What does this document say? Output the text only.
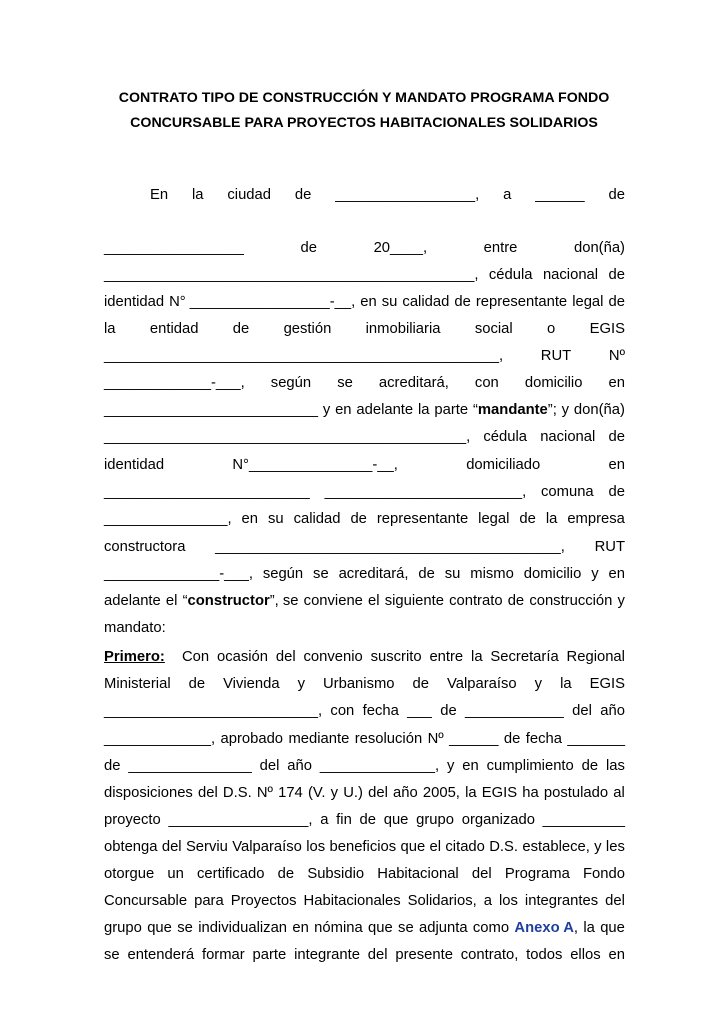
CONTRATO TIPO DE CONSTRUCCIÓN Y MANDATO PROGRAMA FONDO
CONCURSABLE PARA PROYECTOS HABITACIONALES SOLIDARIOS
En la ciudad de _________________, a ______ de
_________________	de	20____,	entre	don(ña)
_____________________________________________, cédula nacional de
identidad N° _________________-__, en su calidad de representante legal de
la entidad de gestión inmobiliaria social o EGIS
________________________________________________,	RUT	Nº
_____________-___, según se acreditará, con domicilio en
__________________________ y en adelante la parte “mandante”; y don(ña)
____________________________________________, cédula nacional de
identidad	N°_______________-__,	domiciliado	en
_________________________ ________________________, comuna de
_______________, en su calidad de representante legal de la empresa
constructora __________________________________________, RUT
______________-___, según se acreditará, de su mismo domicilio y en
adelante el “constructor”, se conviene el siguiente contrato de construcción y
mandato:
Primero: Con ocasión del convenio suscrito entre la Secretaría Regional
Ministerial de Vivienda y Urbanismo de Valparaíso y la EGIS
__________________________, con fecha ___ de ____________ del año
_____________, aprobado mediante resolución Nº ______ de fecha _______
de _______________ del año ______________, y en cumplimiento de las
disposiciones del D.S. Nº 174 (V. y U.) del año 2005, la EGIS ha postulado al
proyecto _________________, a fin de que grupo organizado __________
obtenga del Serviu Valparaíso los beneficios que el citado D.S. establece, y les
otorgue un certificado de Subsidio Habitacional del Programa Fondo
Concursable para Proyectos Habitacionales Solidarios, a los integrantes del
grupo que se individualizan en nómina que se adjunta como Anexo A, la que
se entenderá formar parte integrante del presente contrato, todos ellos en
